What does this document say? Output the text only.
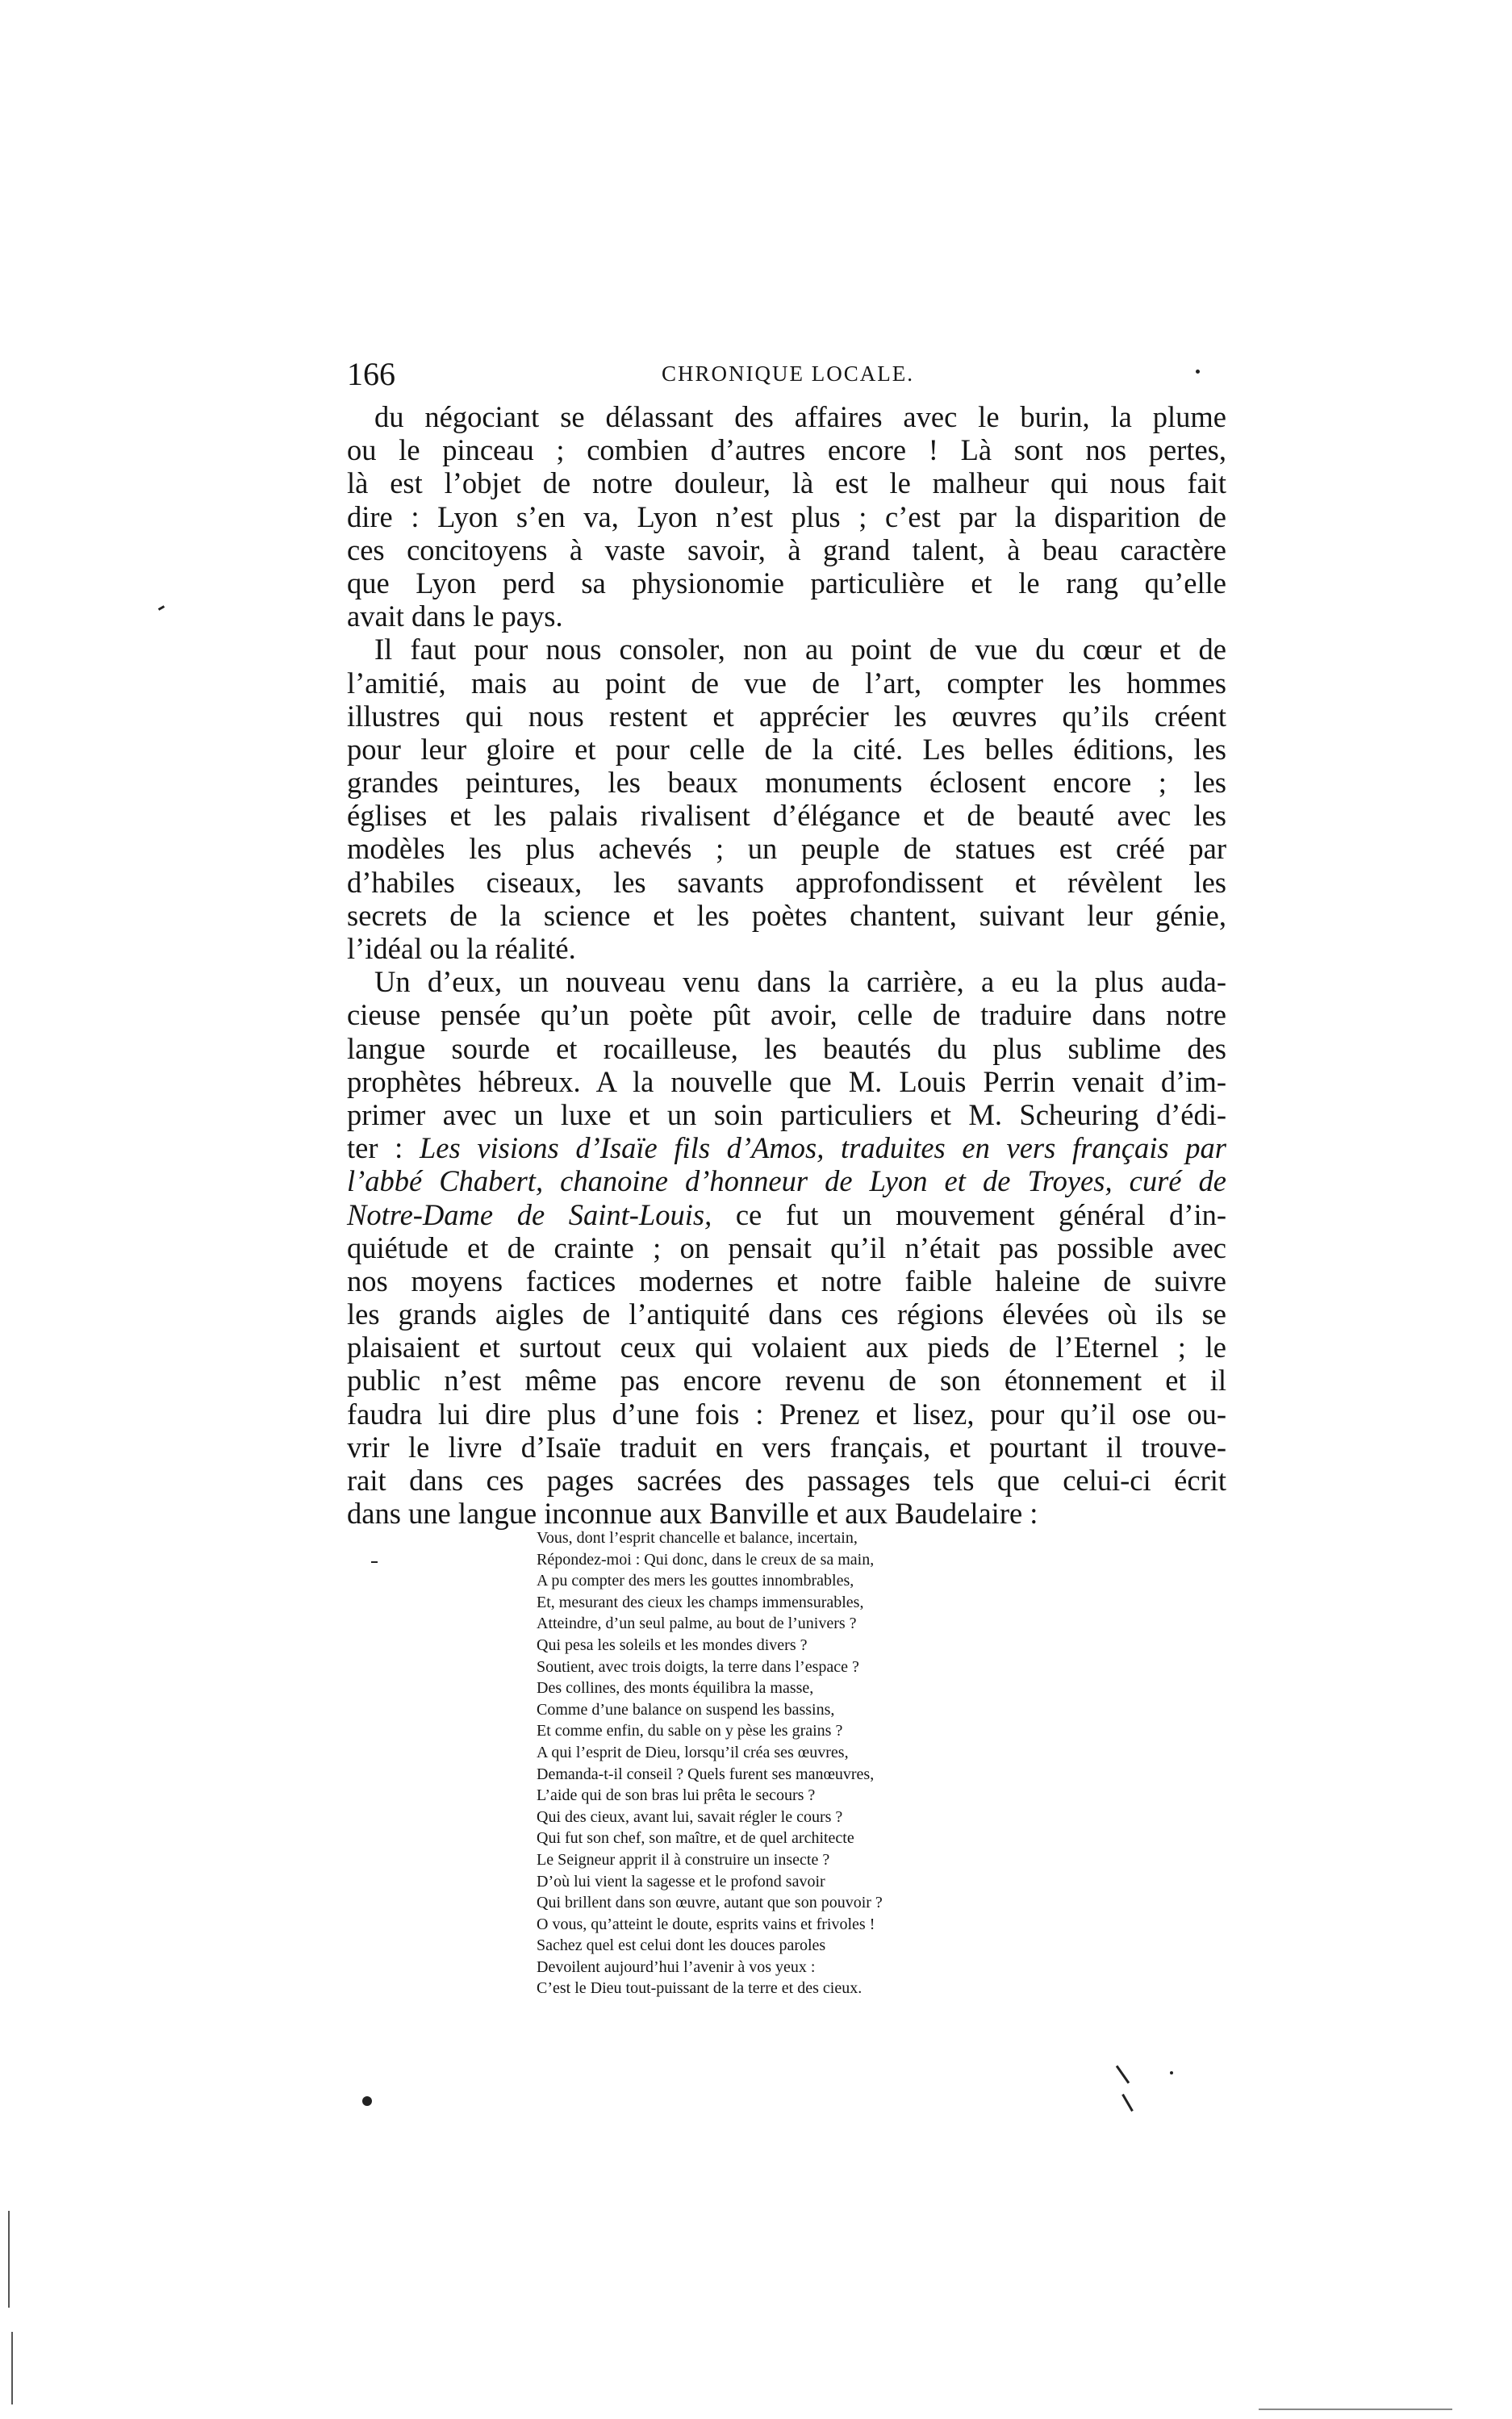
166	CHRONIQUE LOCALE.
du négociant se délassant des affaires avec le burin, la plume
ou le pinceau ; combien d’autres encore ! Là sont nos pertes,
là est l’objet de notre douleur, là est le malheur qui nous fait
dire : Lyon s’en va, Lyon n’est plus ; c’est par la disparition de
ces concitoyens à vaste savoir, à grand talent, à beau caractère
que Lyon perd sa physionomie particulière et le rang qu’elle
avait dans le pays.
Il faut pour nous consoler, non au point de vue du cœur et de
l’amitié, mais au point de vue de l’art, compter les hommes
illustres qui nous restent et apprécier les œuvres qu’ils créent
pour leur gloire et pour celle de la cité. Les belles éditions, les
grandes peintures, les beaux monuments éclosent encore ; les
églises et les palais rivalisent d’élégance et de beauté avec les
modèles les plus achevés ; un peuple de statues est créé par
d’habiles ciseaux, les savants approfondissent et révèlent les
secrets de la science et les poètes chantent, suivant leur génie,
l’idéal ou la réalité.
Un d’eux, un nouveau venu dans la carrière, a eu la plus auda-
cieuse pensée qu’un poète pût avoir, celle de traduire dans notre
langue sourde et rocailleuse, les beautés du plus sublime des
prophètes hébreux. A la nouvelle que M. Louis Perrin venait d’im-
primer avec un luxe et un soin particuliers et M. Scheuring d’édi-
ter : Les visions d’Isaïe fils d’Amos, traduites en vers français par
l’abbé Chabert, chanoine d’honneur de Lyon et de Troyes, curé de
Notre-Dame de Saint-Louis, ce fut un mouvement général d’in-
quiétude et de crainte ; on pensait qu’il n’était pas possible avec
nos moyens factices modernes et notre faible haleine de suivre
les grands aigles de l’antiquité dans ces régions élevées où ils se
plaisaient et surtout ceux qui volaient aux pieds de l’Eternel ; le
public n’est même pas encore revenu de son étonnement et il
faudra lui dire plus d’une fois : Prenez et lisez, pour qu’il ose ou-
vrir le livre d’Isaïe traduit en vers français, et pourtant il trouve-
rait dans ces pages sacrées des passages tels que celui-ci écrit
dans une langue inconnue aux Banville et aux Baudelaire :
Vous, dont l’esprit chancelle et balance, incertain,
Répondez-moi : Qui donc, dans le creux de sa main,
A pu compter des mers les gouttes innombrables,
Et, mesurant des cieux les champs immensurables,
Atteindre, d’un seul palme, au bout de l’univers ?
Qui pesa les soleils et les mondes divers ?
Soutient, avec trois doigts, la terre dans l’espace ?
Des collines, des monts équilibra la masse,
Comme d’une balance on suspend les bassins,
Et comme enfin, du sable on y pèse les grains ?
A qui l’esprit de Dieu, lorsqu’il créa ses œuvres,
Demanda-t-il conseil ? Quels furent ses manœuvres,
L’aide qui de son bras lui prêta le secours ?
Qui des cieux, avant lui, savait régler le cours ?
Qui fut son chef, son maître, et de quel architecte
Le Seigneur apprit il à construire un insecte ?
D’où lui vient la sagesse et le profond savoir
Qui brillent dans son œuvre, autant que son pouvoir ?
O vous, qu’atteint le doute, esprits vains et frivoles !
Sachez quel est celui dont les douces paroles
Devoilent aujourd’hui l’avenir à vos yeux :
C’est le Dieu tout-puissant de la terre et des cieux.
